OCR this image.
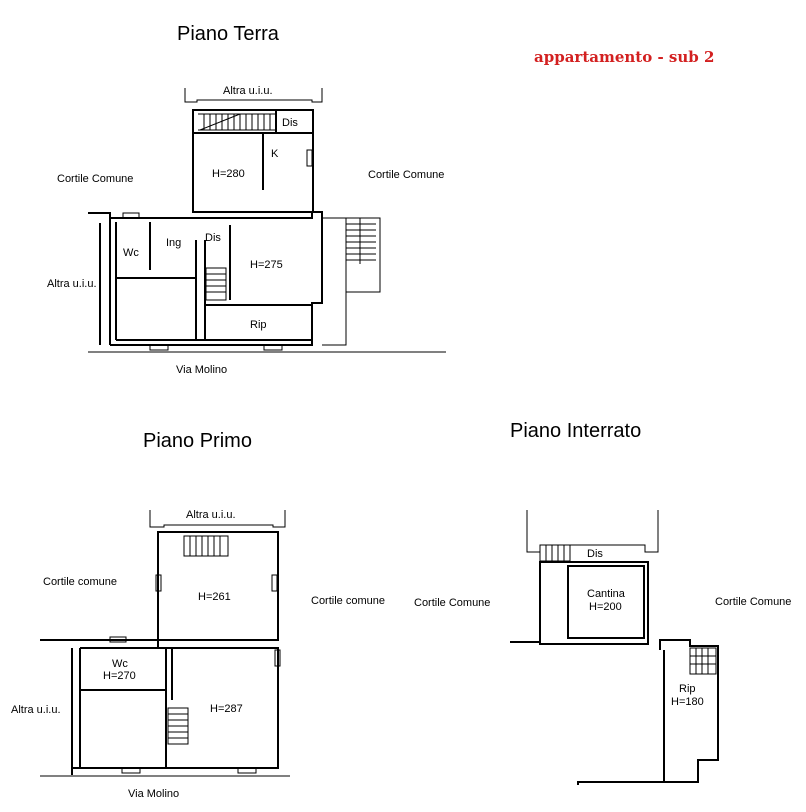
appartamento - sub 2
Piano Terra
Altra u.i.u.
Dis
K
H=280
Cortile Comune	Cortile Comune
Wc
Ing Dis
H=275
Altra u.i.u.
Rip
Via Molino
Piano Primo
Altra u.i.u.
H=261
Cortile comune
Cortile comune
Wc
H=270
H=287
Altra u.i.u.
Via Molino
Piano Interrato
Dis
Cantina
H=200
Cortile Comune	Cortile Comune
Rip
H=180
